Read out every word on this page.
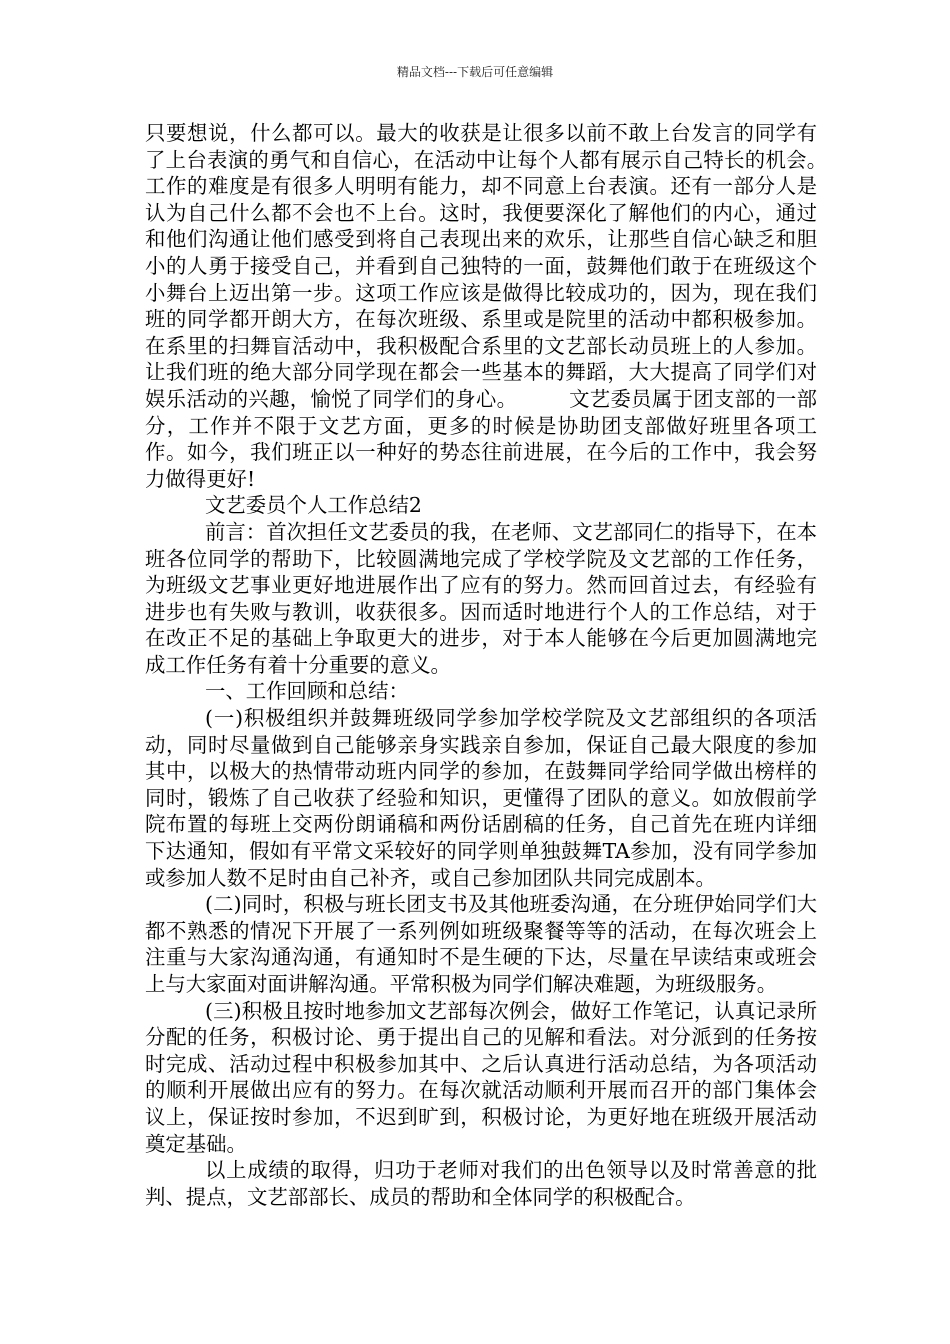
精品文档---下载后可任意编辑

只要想说，什么都可以。最大的收获是让很多以前不敢上台发言的同学有了上台表演的勇气和自信心，在活动中让每个人都有展示自己特长的机会。　　　工作的难度是有很多人明明有能力，却不同意上台表演。还有一部分人是认为自己什么都不会也不上台。这时，我便要深化了解他们的内心，通过和他们沟通让他们感受到将自己表现出来的欢乐，让那些自信心缺乏和胆小的人勇于接受自己，并看到自己独特的一面，鼓舞他们敢于在班级这个小舞台上迈出第一步。这项工作应该是做得比较成功的，因为，现在我们班的同学都开朗大方，在每次班级、系里或是院里的活动中都积极参加。在系里的扫舞盲活动中，我积极配合系里的文艺部长动员班上的人参加。让我们班的绝大部分同学现在都会一些基本的舞蹈，大大提高了同学们对娱乐活动的兴趣，愉悦了同学们的身心。　　　文艺委员属于团支部的一部分，工作并不限于文艺方面，更多的时候是协助团支部做好班里各项工作。如今，我们班正以一种好的势态往前进展，在今后的工作中，我会努力做得更好!

文艺委员个人工作总结2

前言：首次担任文艺委员的我，在老师、文艺部同仁的指导下，在本班各位同学的帮助下，比较圆满地完成了学校学院及文艺部的工作任务，为班级文艺事业更好地进展作出了应有的努力。然而回首过去，有经验有进步也有失败与教训，收获很多。因而适时地进行个人的工作总结，对于在改正不足的基础上争取更大的进步，对于本人能够在今后更加圆满地完成工作任务有着十分重要的意义。

一、工作回顾和总结：

(一)积极组织并鼓舞班级同学参加学校学院及文艺部组织的各项活动，同时尽量做到自己能够亲身实践亲自参加，保证自己最大限度的参加其中，以极大的热情带动班内同学的参加，在鼓舞同学给同学做出榜样的同时，锻炼了自己收获了经验和知识，更懂得了团队的意义。如放假前学院布置的每班上交两份朗诵稿和两份话剧稿的任务，自己首先在班内详细下达通知，假如有平常文采较好的同学则单独鼓舞TA参加，没有同学参加或参加人数不足时由自己补齐，或自己参加团队共同完成剧本。

(二)同时，积极与班长团支书及其他班委沟通，在分班伊始同学们大都不熟悉的情况下开展了一系列例如班级聚餐等等的活动，在每次班会上注重与大家沟通沟通，有通知时不是生硬的下达，尽量在早读结束或班会上与大家面对面讲解沟通。平常积极为同学们解决难题，为班级服务。

(三)积极且按时地参加文艺部每次例会，做好工作笔记，认真记录所分配的任务，积极讨论、勇于提出自己的见解和看法。对分派到的任务按时完成、活动过程中积极参加其中、之后认真进行活动总结，为各项活动的顺利开展做出应有的努力。在每次就活动顺利开展而召开的部门集体会议上，保证按时参加，不迟到旷到，积极讨论，为更好地在班级开展活动奠定基础。

以上成绩的取得，归功于老师对我们的出色领导以及时常善意的批判、提点，文艺部部长、成员的帮助和全体同学的积极配合。
